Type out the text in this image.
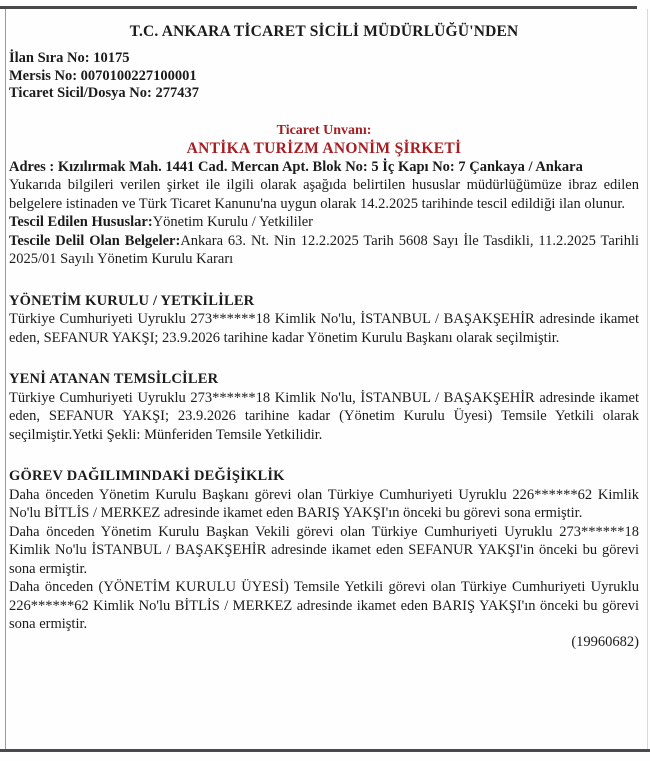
T.C. ANKARA TİCARET SİCİLİ MÜDÜRLÜĞÜ'NDEN
İlan Sıra No: 10175
Mersis No: 0070100227100001
Ticaret Sicil/Dosya No: 277437
Ticaret Unvanı:
ANTİKA TURİZM ANONİM ŞİRKETİ

Adres : Kızılırmak Mah. 1441 Cad. Mercan Apt. Blok No: 5 İç Kapı No: 7 Çankaya / Ankara

Yukarıda bilgileri verilen şirket ile ilgili olarak aşağıda belirtilen hususlar müdürlüğümüze ibraz edilen belgelere istinaden ve Türk Ticaret Kanunu'na uygun olarak 14.2.2025 tarihinde tescil edildiği ilan olunur.

Tescil Edilen Hususlar:Yönetim Kurulu / Yetkililer

Tescile Delil Olan Belgeler:Ankara 63. Nt. Nin 12.2.2025 Tarih 5608 Sayı İle Tasdikli, 11.2.2025 Tarihli 2025/01 Sayılı Yönetim Kurulu Kararı

YÖNETİM KURULU / YETKİLİLER

Türkiye Cumhuriyeti Uyruklu 273******18 Kimlik No'lu, İSTANBUL / BAŞAKŞEHİR adresinde ikamet eden, SEFANUR YAKŞI; 23.9.2026 tarihine kadar Yönetim Kurulu Başkanı olarak seçilmiştir.

YENİ ATANAN TEMSİLCİLER

Türkiye Cumhuriyeti Uyruklu 273******18 Kimlik No'lu, İSTANBUL / BAŞAKŞEHİR adresinde ikamet eden, SEFANUR YAKŞI; 23.9.2026 tarihine kadar (Yönetim Kurulu Üyesi) Temsile Yetkili olarak seçilmiştir.Yetki Şekli: Münferiden Temsile Yetkilidir.

GÖREV DAĞILIMINDAKİ DEĞİŞİKLİK

Daha önceden Yönetim Kurulu Başkanı görevi olan Türkiye Cumhuriyeti Uyruklu 226******62 Kimlik No'lu BİTLİS / MERKEZ adresinde ikamet eden BARIŞ YAKŞI'ın önceki bu görevi sona ermiştir.

Daha önceden Yönetim Kurulu Başkan Vekili görevi olan Türkiye Cumhuriyeti Uyruklu 273******18 Kimlik No'lu İSTANBUL / BAŞAKŞEHİR adresinde ikamet eden SEFANUR YAKŞI'in önceki bu görevi sona ermiştir.

Daha önceden (YÖNETİM KURULU ÜYESİ) Temsile Yetkili görevi olan Türkiye Cumhuriyeti Uyruklu 226******62 Kimlik No'lu BİTLİS / MERKEZ adresinde ikamet eden BARIŞ YAKŞI'ın önceki bu görevi sona ermiştir.

(19960682)
